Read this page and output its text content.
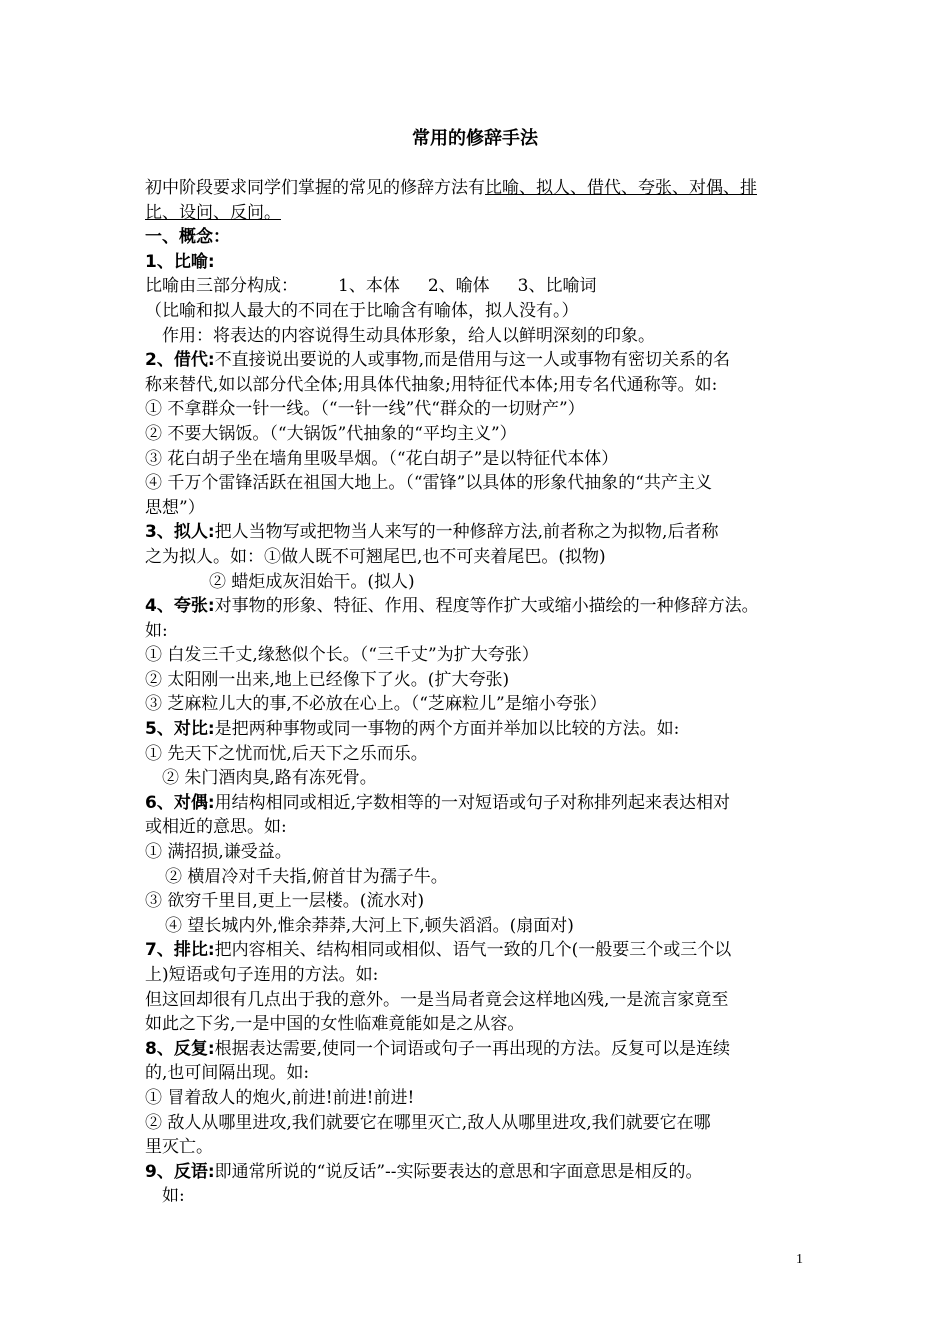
常用的修辞手法
初中阶段要求同学们掌握的常见的修辞方法有比喻、拟人、借代、夸张、对偶、排
比、设问、反问。
一、概念：
1、比喻:
比喻由三部分构成： 1、本体 2、喻体 3、比喻词
（比喻和拟人最大的不同在于比喻含有喻体，拟人没有。）
作用：将表达的内容说得生动具体形象，给人以鲜明深刻的印象。
2、借代:不直接说出要说的人或事物,而是借用与这一人或事物有密切关系的名
称来替代,如以部分代全体;用具体代抽象;用特征代本体;用专名代通称等。如:
① 不拿群众一针一线。（“一针一线”代“群众的一切财产”）
② 不要大锅饭。（“大锅饭”代抽象的“平均主义”）
③ 花白胡子坐在墙角里吸旱烟。（“花白胡子”是以特征代本体）
④ 千万个雷锋活跃在祖国大地上。（“雷锋”以具体的形象代抽象的“共产主义
思想”）
3、拟人:把人当物写或把物当人来写的一种修辞方法,前者称之为拟物,后者称
之为拟人。如：①做人既不可翘尾巴,也不可夹着尾巴。(拟物)
② 蜡炬成灰泪始干。(拟人)
4、夸张:对事物的形象、特征、作用、程度等作扩大或缩小描绘的一种修辞方法。
如:
① 白发三千丈,缘愁似个长。（“三千丈”为扩大夸张）
② 太阳刚一出来,地上已经像下了火。(扩大夸张)
③ 芝麻粒儿大的事,不必放在心上。（“芝麻粒儿”是缩小夸张）
5、对比:是把两种事物或同一事物的两个方面并举加以比较的方法。如:
① 先天下之忧而忧,后天下之乐而乐。
② 朱门酒肉臭,路有冻死骨。
6、对偶:用结构相同或相近,字数相等的一对短语或句子对称排列起来表达相对
或相近的意思。如:
① 满招损,谦受益。
② 横眉冷对千夫指,俯首甘为孺子牛。
③ 欲穷千里目,更上一层楼。(流水对)
④ 望长城内外,惟余莽莽,大河上下,顿失滔滔。(扇面对)
7、排比:把内容相关、结构相同或相似、语气一致的几个(一般要三个或三个以
上)短语或句子连用的方法。如:
但这回却很有几点出于我的意外。一是当局者竟会这样地凶残,一是流言家竟至
如此之下劣,一是中国的女性临难竟能如是之从容。
8、反复:根据表达需要,使同一个词语或句子一再出现的方法。反复可以是连续
的,也可间隔出现。如:
① 冒着敌人的炮火,前进!前进!前进!
② 敌人从哪里进攻,我们就要它在哪里灭亡,敌人从哪里进攻,我们就要它在哪
里灭亡。
9、反语:即通常所说的“说反话”--实际要表达的意思和字面意思是相反的。
如:
1
